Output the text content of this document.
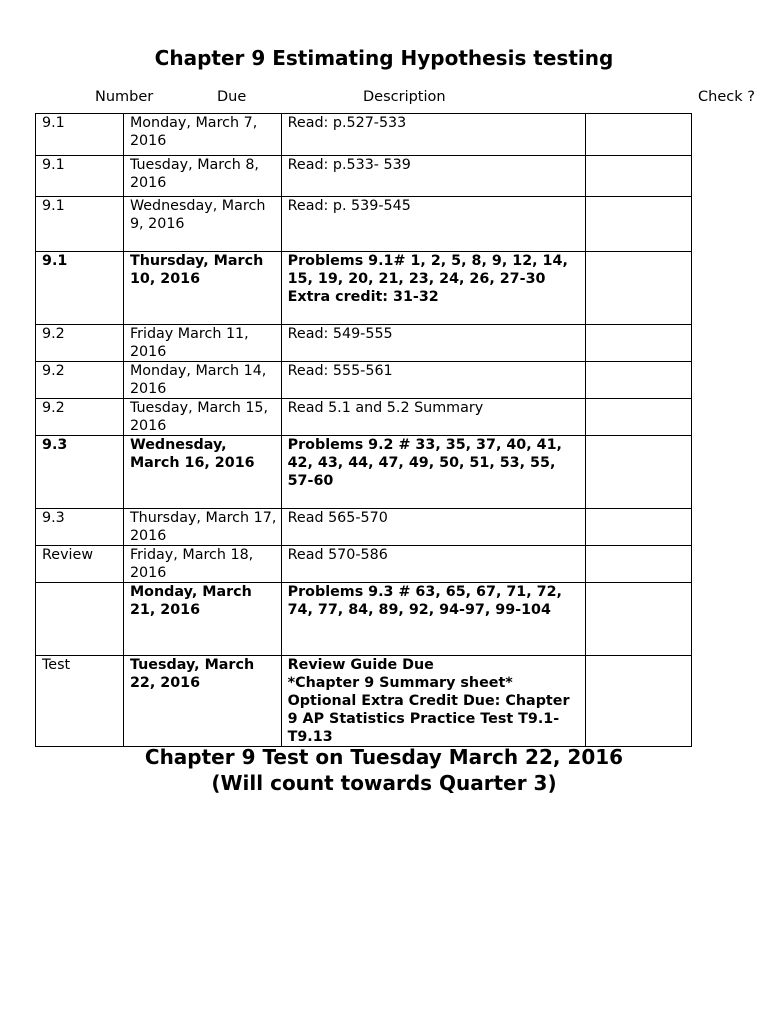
Chapter 9 Estimating Hypothesis testing
Number	Due	Description	Check ?
9.1	Monday, March 7, 2016	Read: p.527-533	
9.1	Tuesday, March 8, 2016	Read: p.533- 539	
9.1	Wednesday, March 9, 2016	Read: p. 539-545	
9.1	Thursday, March 10, 2016	Problems 9.1# 1, 2, 5, 8, 9, 12, 14, 15, 19, 20, 21, 23, 24, 26, 27-30
Extra credit: 31-32	
9.2	Friday March 11, 2016	Read: 549-555	
9.2	Monday, March 14, 2016	Read: 555-561	
9.2	Tuesday, March 15, 2016	Read 5.1 and 5.2 Summary	
9.3	Wednesday, March 16, 2016	Problems 9.2 # 33, 35, 37, 40, 41, 42, 43, 44, 47, 49, 50, 51, 53, 55, 57-60	
9.3	Thursday, March 17, 2016	Read 565-570	
Review	Friday, March 18, 2016	Read 570-586	
	Monday, March 21, 2016	Problems 9.3 # 63, 65, 67, 71, 72, 74, 77, 84, 89, 92, 94-97, 99-104	
Test	Tuesday, March 22, 2016	Review Guide Due
*Chapter 9 Summary sheet*
Optional Extra Credit Due: Chapter 9 AP Statistics Practice Test T9.1-T9.13	
Chapter 9 Test on Tuesday March 22, 2016
(Will count towards Quarter 3)
